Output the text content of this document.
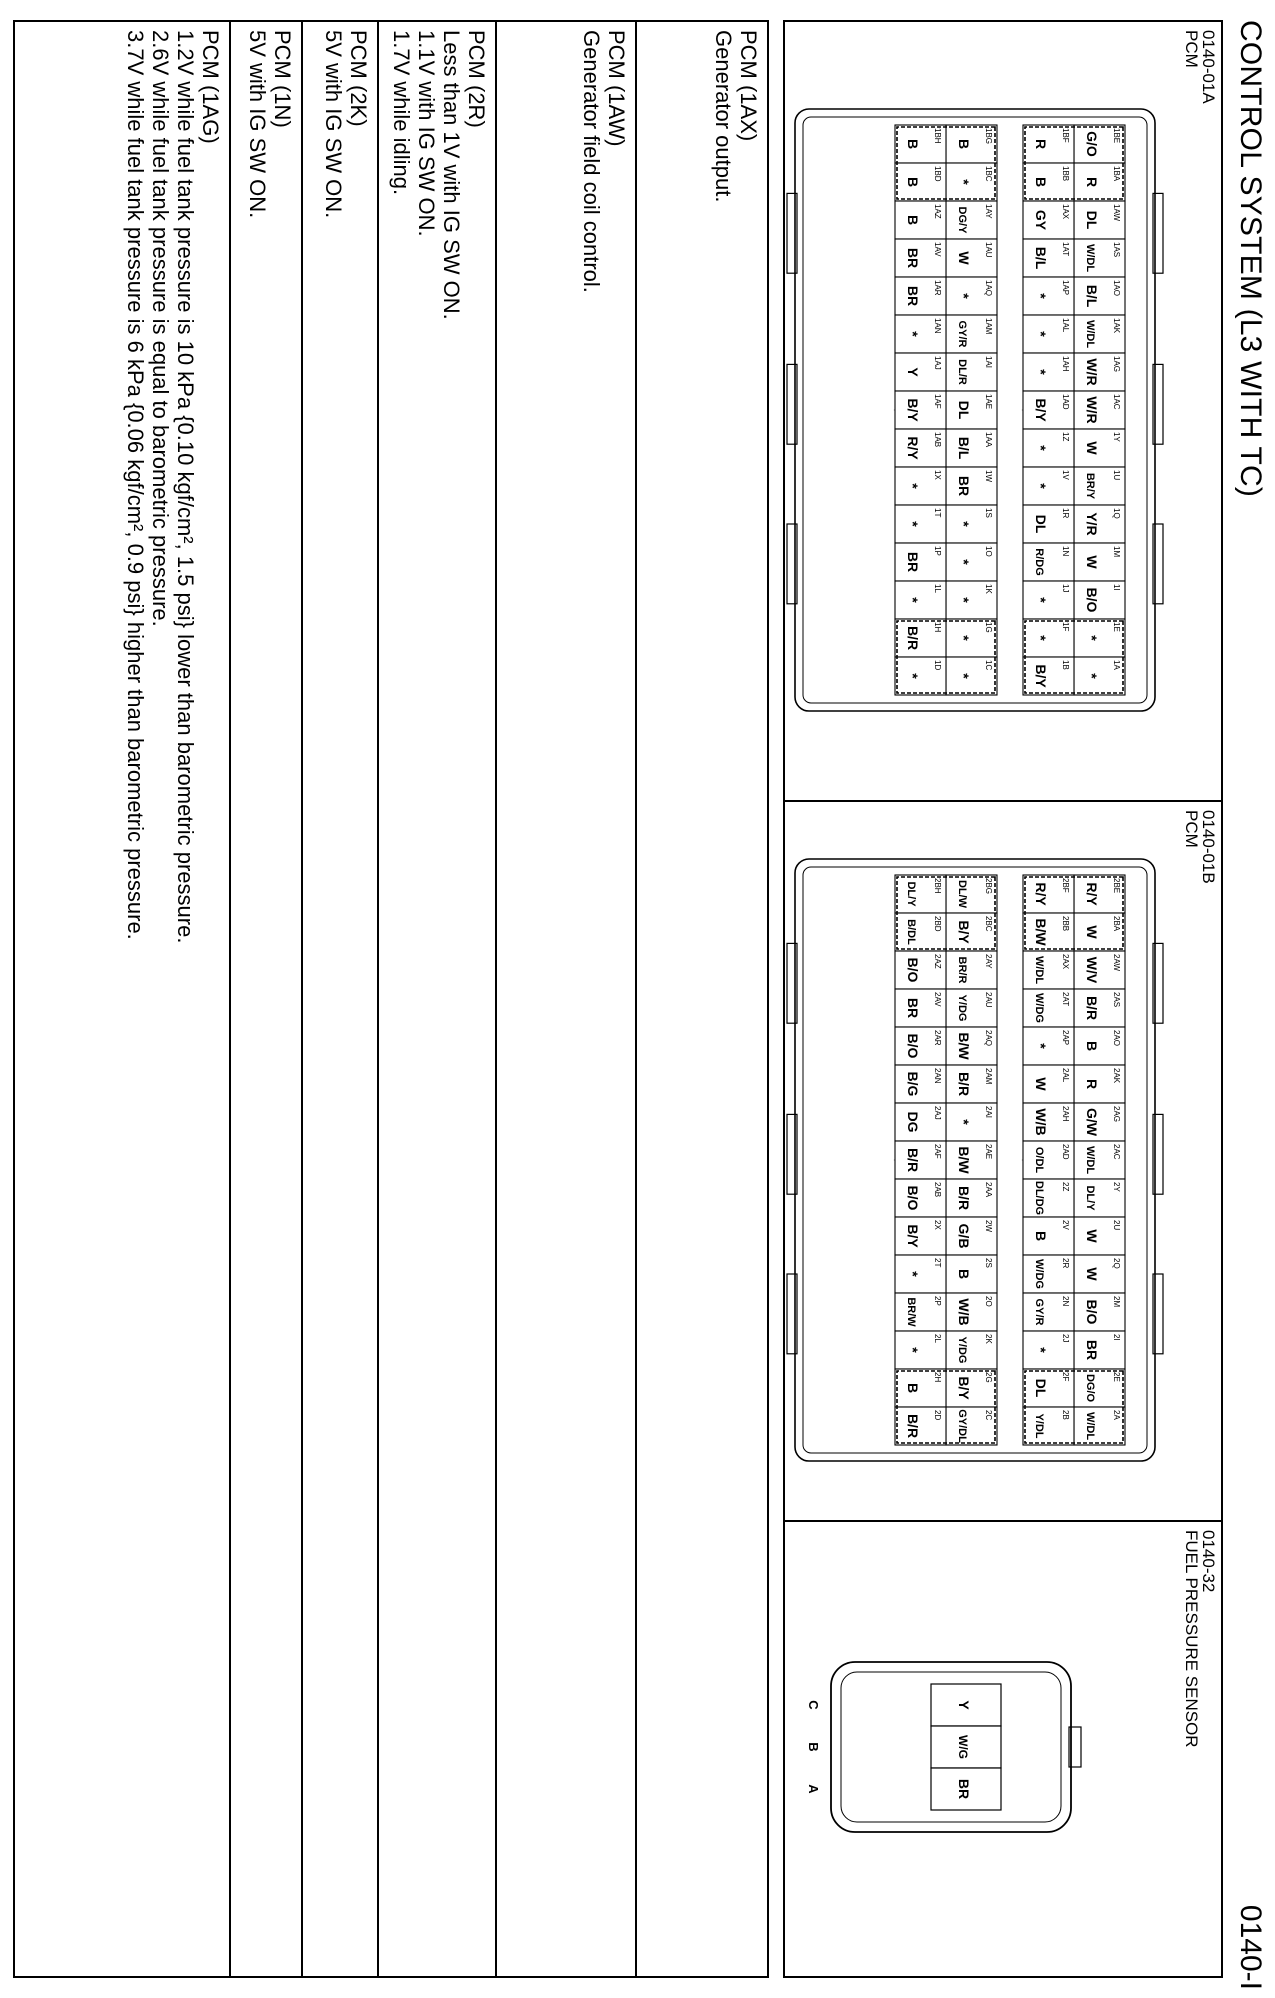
CONTROL SYSTEM (L3 WITH TC)
0140-I
0140-01A
PCM
1BE
G/O
1BA
R
1AW
DL
1AS
W/DL
1AO
B/L
1AK
W/DL
1AG
W/R
1AC
W/R
1Y
W
1U
BR/Y
1Q
Y/R
1M
W
1I
B/O
1E
*
1A
*
1BF
R
1BB
B
1AX
GY
1AT
B/L
1AP
*
1AL
*
1AH
*
1AD
B/Y
1Z
*
1V
*
1R
DL
1N
R/DG
1J
*
1F
*
1B
B/Y
1BG
B
1BC
*
1AY
DG/Y
1AU
W
1AQ
*
1AM
GY/R
1AI
DL/R
1AE
DL
1AA
B/L
1W
BR
1S
*
1O
*
1K
*
1G
*
1C
*
1BH
B
1BD
B
1AZ
B
1AV
BR
1AR
BR
1AN
*
1AJ
Y
1AF
B/Y
1AB
R/Y
1X
*
1T
*
1P
BR
1L
*
1H
B/R
1D
*
0140-01B
PCM
2BE
R/Y
2BA
W
2AW
W/V
2AS
B/R
2AO
B
2AK
R
2AG
G/W
2AC
W/DL
2Y
DL/Y
2U
W
2Q
W
2M
B/O
2I
BR
2E
DG/O
2A
W/DL
2BF
R/Y
2BB
B/W
2AX
W/DL
2AT
W/DG
2AP
*
2AL
W
2AH
W/B
2AD
O/DL
2Z
DL/DG
2V
B
2R
W/DG
2N
GY/R
2J
*
2F
DL
2B
Y/DL
2BG
DL/W
2BC
B/Y
2AY
BR/R
2AU
Y/DG
2AQ
B/W
2AM
B/R
2AI
*
2AE
B/W
2AA
B/R
2W
G/B
2S
B
2O
W/B
2K
Y/DG
2G
B/Y
2C
GY/DL
2BH
DL/Y
2BD
B/DL
2AZ
B/O
2AV
BR
2AR
B/O
2AN
B/G
2AJ
DG
2AF
B/R
2AB
B/O
2X
B/Y
2T
*
2P
BR/W
2L
*
2H
B
2D
B/R
0140-32
FUEL PRESSURE SENSOR
Y
C
W/G
B
BR
A
PCM (1AX)
Generator output.
PCM (1AW)
Generator field coil control.
PCM (2R)
Less than 1V with IG SW ON.
1.1V with IG SW ON.
1.7V while idling.
PCM (2K)
5V with IG SW ON.
PCM (1N)
5V with IG SW ON.
PCM (1AG)
1.2V while fuel tank pressure is 10 kPa {0.10 kgf/cm², 1.5 psi} lower than barometric pressure.
2.6V while fuel tank pressure is equal to barometric pressure.
3.7V while fuel tank pressure is 6 kPa {0.06 kgf/cm², 0.9 psi} higher than barometric pressure.
